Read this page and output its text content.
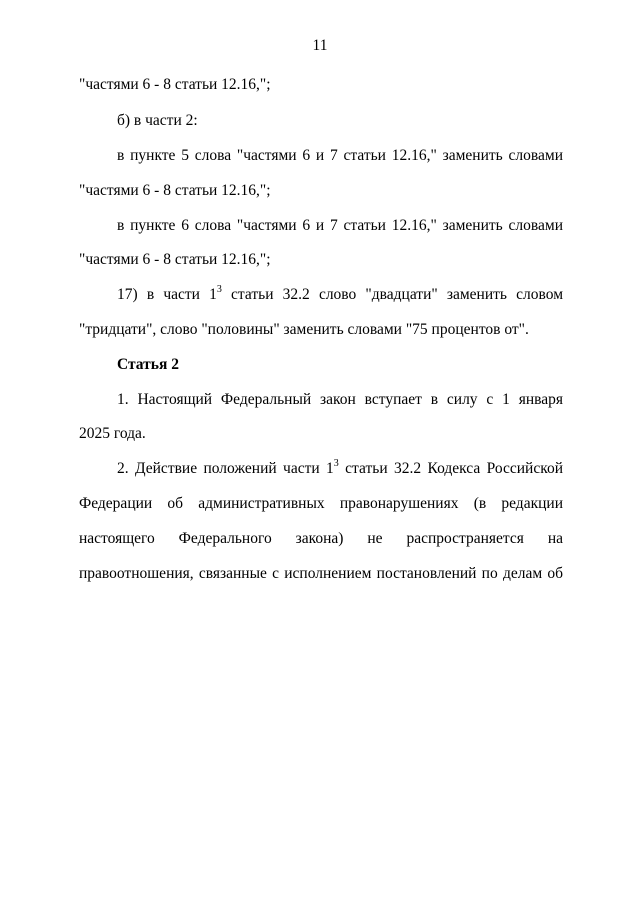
11
"частями 6 - 8 статьи 12.16,";
б) в части 2:
в пункте 5 слова "частями 6 и 7 статьи 12.16," заменить словами
"частями 6 - 8 статьи 12.16,";
в пункте 6 слова "частями 6 и 7 статьи 12.16," заменить словами
"частями 6 - 8 статьи 12.16,";
17) в части $1^3$ статьи 32.2 слово "двадцати" заменить словом
"тридцати", слово "половины" заменить словами "75 процентов от".
Статья 2
1. Настоящий Федеральный закон вступает в силу с 1 января
2025 года.
2. Действие положений части $1^3$ статьи 32.2 Кодекса Российской
Федерации об административных правонарушениях (в редакции
настоящего Федерального закона) не распространяется на
правоотношения, связанные с исполнением постановлений по делам об
